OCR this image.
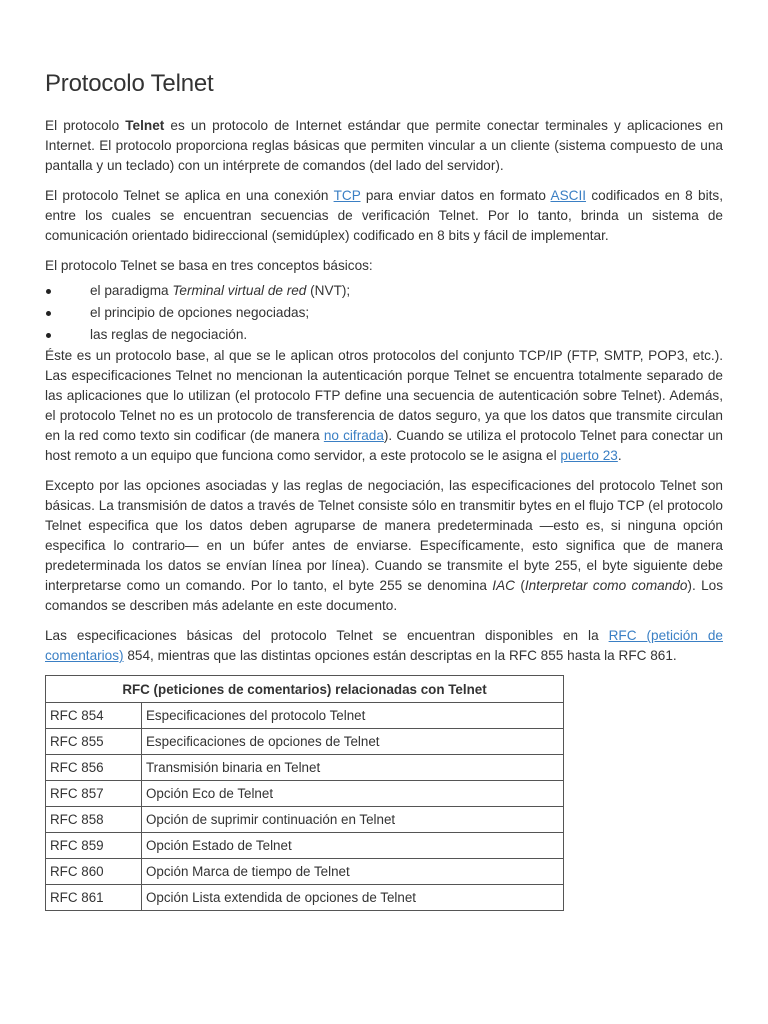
Protocolo Telnet

El protocolo Telnet es un protocolo de Internet estándar que permite conectar terminales y aplicaciones en Internet. El protocolo proporciona reglas básicas que permiten vincular a un cliente (sistema compuesto de una pantalla y un teclado) con un intérprete de comandos (del lado del servidor).

El protocolo Telnet se aplica en una conexión TCP para enviar datos en formato ASCII codificados en 8 bits, entre los cuales se encuentran secuencias de verificación Telnet. Por lo tanto, brinda un sistema de comunicación orientado bidireccional (semidúplex) codificado en 8 bits y fácil de implementar.

El protocolo Telnet se basa en tres conceptos básicos:

el paradigma Terminal virtual de red (NVT);
el principio de opciones negociadas;
las reglas de negociación.

Éste es un protocolo base, al que se le aplican otros protocolos del conjunto TCP/IP (FTP, SMTP, POP3, etc.). Las especificaciones Telnet no mencionan la autenticación porque Telnet se encuentra totalmente separado de las aplicaciones que lo utilizan (el protocolo FTP define una secuencia de autenticación sobre Telnet). Además, el protocolo Telnet no es un protocolo de transferencia de datos seguro, ya que los datos que transmite circulan en la red como texto sin codificar (de manera no cifrada). Cuando se utiliza el protocolo Telnet para conectar un host remoto a un equipo que funciona como servidor, a este protocolo se le asigna el puerto 23.

Excepto por las opciones asociadas y las reglas de negociación, las especificaciones del protocolo Telnet son básicas. La transmisión de datos a través de Telnet consiste sólo en transmitir bytes en el flujo TCP (el protocolo Telnet especifica que los datos deben agruparse de manera predeterminada —esto es, si ninguna opción especifica lo contrario— en un búfer antes de enviarse. Específicamente, esto significa que de manera predeterminada los datos se envían línea por línea). Cuando se transmite el byte 255, el byte siguiente debe interpretarse como un comando. Por lo tanto, el byte 255 se denomina IAC (Interpretar como comando). Los comandos se describen más adelante en este documento.

Las especificaciones básicas del protocolo Telnet se encuentran disponibles en la RFC (petición de comentarios) 854, mientras que las distintas opciones están descriptas en la RFC 855 hasta la RFC 861.

RFC (peticiones de comentarios) relacionadas con Telnet	
RFC 854	Especificaciones del protocolo Telnet
RFC 855	Especificaciones de opciones de Telnet
RFC 856	Transmisión binaria en Telnet
RFC 857	Opción Eco de Telnet
RFC 858	Opción de suprimir continuación en Telnet
RFC 859	Opción Estado de Telnet
RFC 860	Opción Marca de tiempo de Telnet
RFC 861	Opción Lista extendida de opciones de Telnet
